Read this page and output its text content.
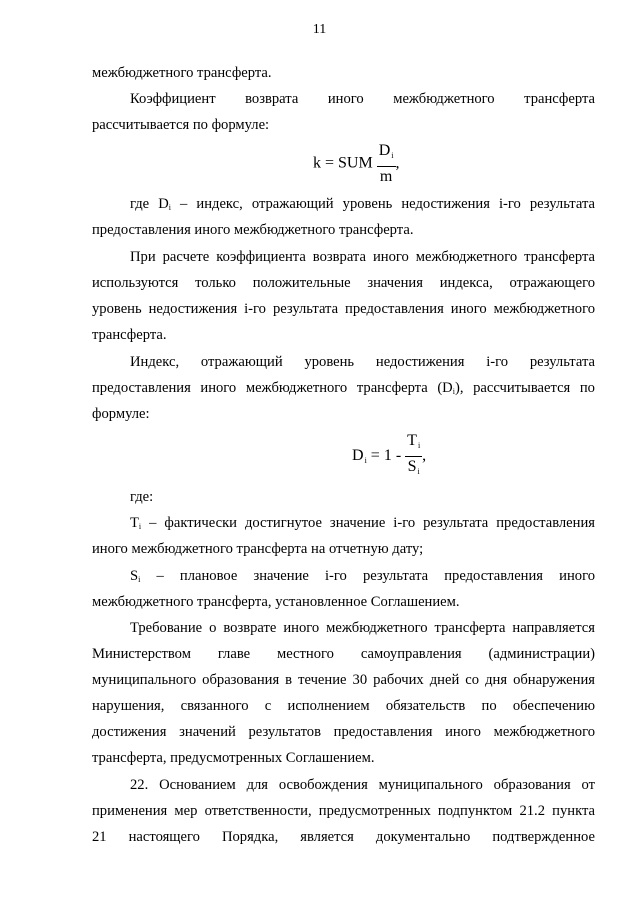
11
межбюджетного трансферта.
Коэффициент возврата иного межбюджетного трансферта
рассчитывается по формуле:
k = SUM $\frac{Di}{m}$ ,
где $D_i$ – индекс, отражающий уровень недостижения i-го результата
предоставления иного межбюджетного трансферта.
При расчете коэффициента возврата иного межбюджетного трансферта
используются только положительные значения индекса, отражающего
уровень недостижения i-го результата предоставления иного межбюджетного
трансферта.
Индекс, отражающий уровень недостижения i-го результата
предоставления иного межбюджетного трансферта $(D_i)$, рассчитывается по
формуле:
$Di = 1 - \frac{Ti}{Si}$ ,
где:
$T_i$ – фактически достигнутое значение i-го результата предоставления
иного межбюджетного трансферта на отчетную дату;
$S_i$ – плановое значение i-го результата предоставления иного
межбюджетного трансферта, установленное Соглашением.
Требование о возврате иного межбюджетного трансферта направляется
Министерством главе местного самоуправления (администрации)
муниципального образования в течение 30 рабочих дней со дня обнаружения
нарушения, связанного с исполнением обязательств по обеспечению
достижения значений результатов предоставления иного межбюджетного
трансферта, предусмотренных Соглашением.
22. Основанием для освобождения муниципального образования от
применения мер ответственности, предусмотренных подпунктом 21.2 пункта
21 настоящего Порядка, является документально подтвержденное
